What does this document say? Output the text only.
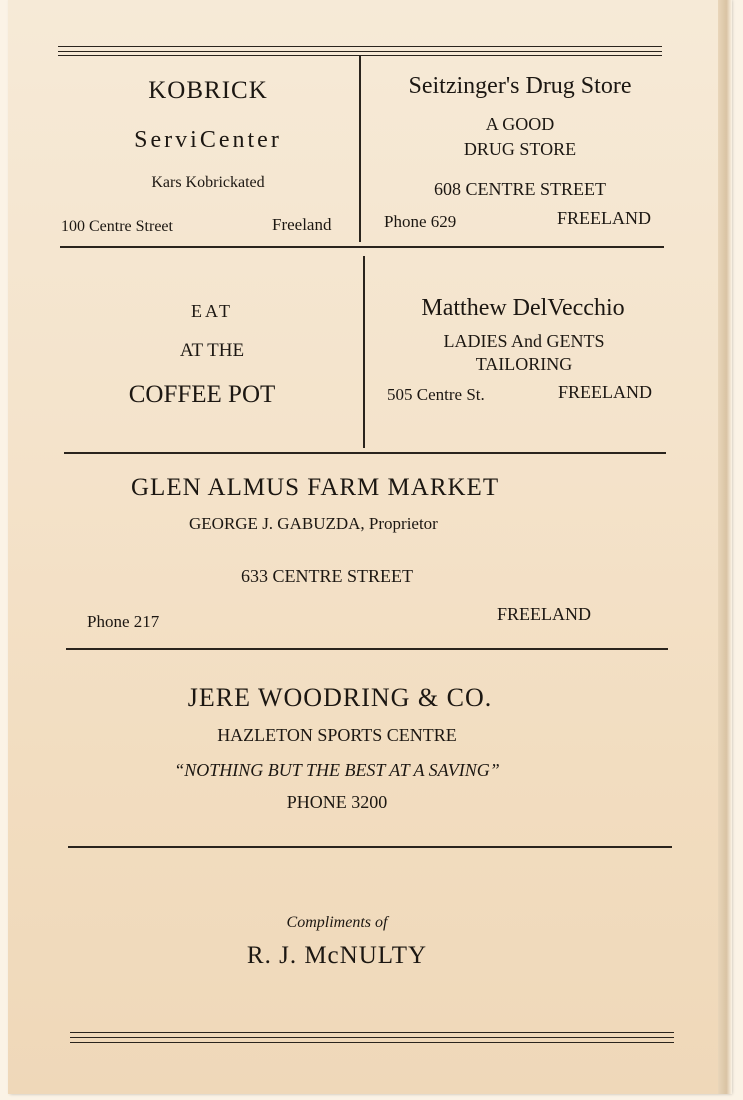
KOBRICK
ServiCenter
Kars Kobrickated
100 Centre Street	Freeland
Seitzinger's Drug Store
A GOOD
DRUG STORE
608 CENTRE STREET
Phone 629	FREELAND
EAT
AT THE
COFFEE POT
Matthew DelVecchio
LADIES And GENTS
TAILORING
505 Centre St.	FREELAND
GLEN ALMUS FARM MARKET
GEORGE J. GABUZDA, Proprietor
633 CENTRE STREET
Phone 217	FREELAND
JERE WOODRING & CO.
HAZLETON SPORTS CENTRE
“NOTHING BUT THE BEST AT A SAVING”
PHONE 3200
Compliments of
R. J. McNULTY
